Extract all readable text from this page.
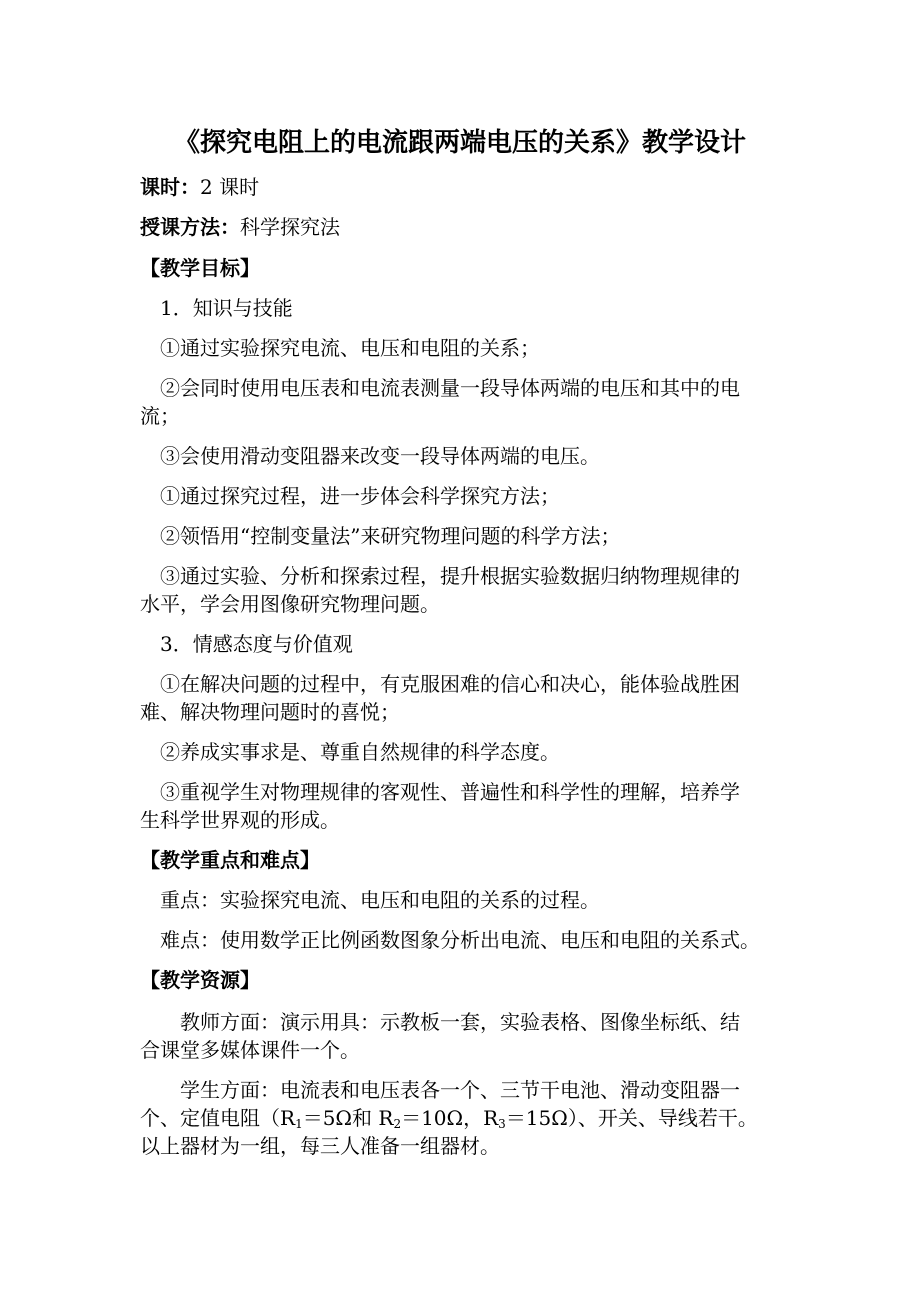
《探究电阻上的电流跟两端电压的关系》教学设计
课时：2 课时
授课方法：科学探究法
【教学目标】
1．知识与技能
①通过实验探究电流、电压和电阻的关系；
②会同时使用电压表和电流表测量一段导体两端的电压和其中的电
流；
③会使用滑动变阻器来改变一段导体两端的电压。
①通过探究过程，进一步体会科学探究方法；
②领悟用“控制变量法”来研究物理问题的科学方法；
③通过实验、分析和探索过程，提升根据实验数据归纳物理规律的
水平，学会用图像研究物理问题。
3．情感态度与价值观
①在解决问题的过程中，有克服困难的信心和决心，能体验战胜困
难、解决物理问题时的喜悦；
②养成实事求是、尊重自然规律的科学态度。
③重视学生对物理规律的客观性、普遍性和科学性的理解，培养学
生科学世界观的形成。
【教学重点和难点】
重点：实验探究电流、电压和电阻的关系的过程。
难点：使用数学正比例函数图象分析出电流、电压和电阻的关系式。
【教学资源】
教师方面：演示用具：示教板一套，实验表格、图像坐标纸、结
合课堂多媒体课件一个。
学生方面：电流表和电压表各一个、三节干电池、滑动变阻器一
个、定值电阻（$R_1=5\Omega$和 $R_2=10\Omega$，$R_3=15\Omega$）、开关、导线若干。
以上器材为一组，每三人准备一组器材。
